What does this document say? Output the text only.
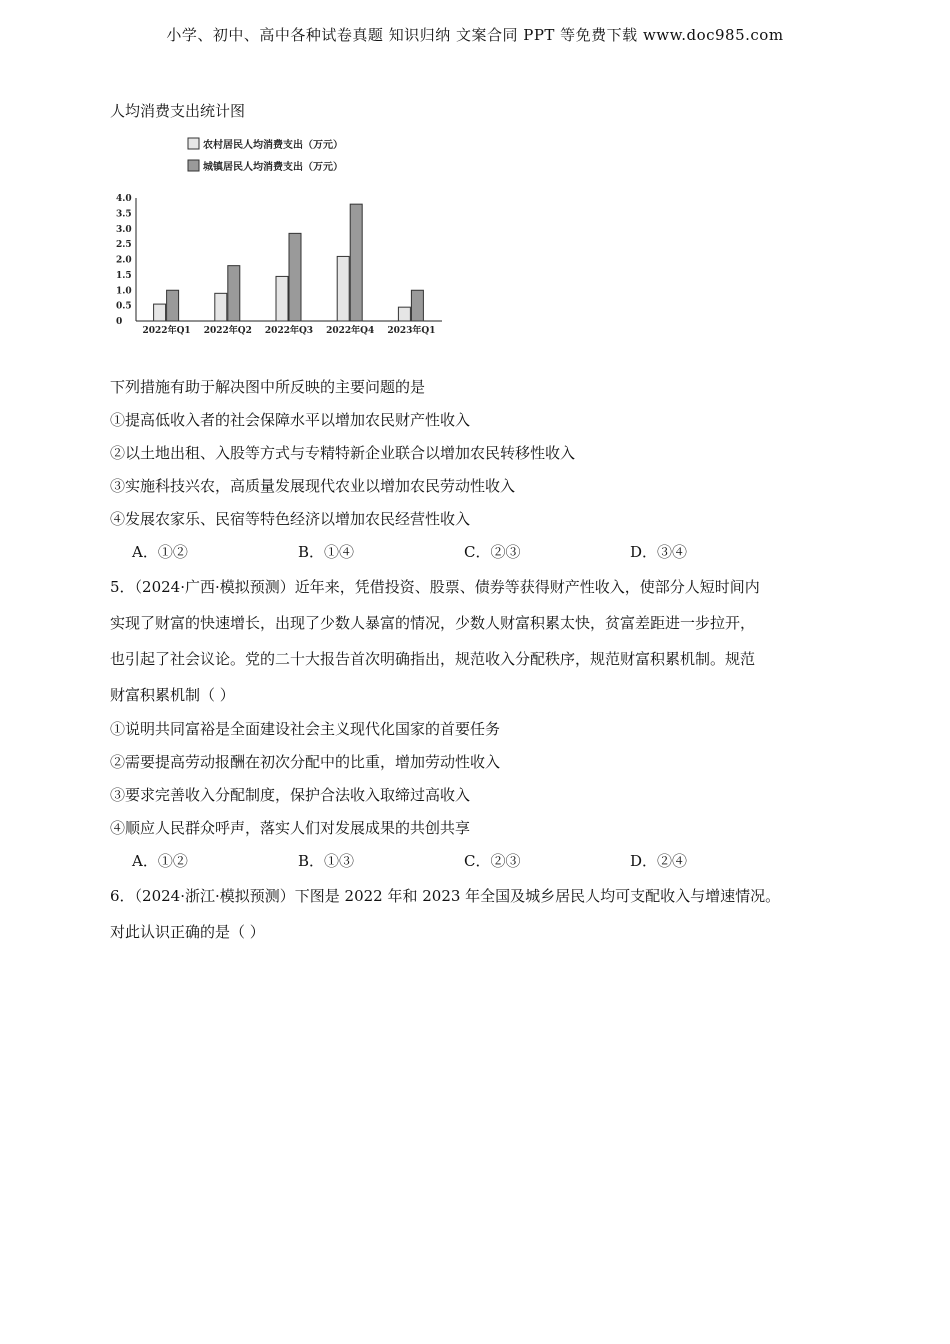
小学、初中、高中各种试卷真题 知识归纳 文案合同 PPT 等免费下载 www.doc985.com
人均消费支出统计图
农村居民人均消费支出（万元）
城镇居民人均消费支出（万元）
0
0.5
1.0
1.5
2.0
2.5
3.0
3.5
4.0
2022年Q1 2022年Q2 2022年Q3 2022年Q4 2023年Q1
下列措施有助于解决图中所反映的主要问题的是
①提高低收入者的社会保障水平以增加农民财产性收入
②以土地出租、入股等方式与专精特新企业联合以增加农民转移性收入
③实施科技兴农，高质量发展现代农业以增加农民劳动性收入
④发展农家乐、民宿等特色经济以增加农民经营性收入
A．①②	B．①④	C．②③	D．③④
5．（2024·广西·模拟预测）近年来，凭借投资、股票、债券等获得财产性收入，使部分人短时间内
实现了财富的快速增长，出现了少数人暴富的情况，少数人财富积累太快，贫富差距进一步拉开，
也引起了社会议论。党的二十大报告首次明确指出，规范收入分配秩序，规范财富积累机制。规范
财富积累机制（ ）
①说明共同富裕是全面建设社会主义现代化国家的首要任务
②需要提高劳动报酬在初次分配中的比重，增加劳动性收入
③要求完善收入分配制度，保护合法收入取缔过高收入
④顺应人民群众呼声，落实人们对发展成果的共创共享
A．①②	B．①③	C．②③	D．②④
6．（2024·浙江·模拟预测）下图是 2022 年和 2023 年全国及城乡居民人均可支配收入与增速情况。
对此认识正确的是（ ）
